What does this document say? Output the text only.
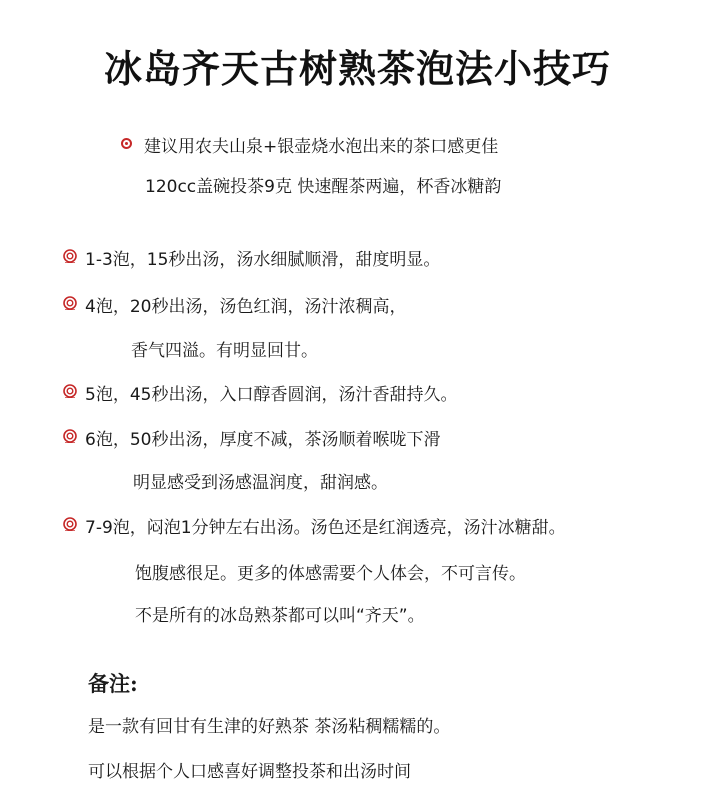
冰岛齐天古树熟茶泡法小技巧
建议用农夫山泉+银壶烧水泡出来的茶口感更佳
120cc盖碗投茶9克 快速醒茶两遍，杯香冰糖韵
1-3泡，15秒出汤，汤水细腻顺滑，甜度明显。
4泡，20秒出汤，汤色红润，汤汁浓稠高，
香气四溢。有明显回甘。
5泡，45秒出汤，入口醇香圆润，汤汁香甜持久。
6泡，50秒出汤，厚度不减，茶汤顺着喉咙下滑
明显感受到汤感温润度，甜润感。
7-9泡，闷泡1分钟左右出汤。汤色还是红润透亮，汤汁冰糖甜。
饱腹感很足。更多的体感需要个人体会，不可言传。
不是所有的冰岛熟茶都可以叫“齐天”。
备注:
是一款有回甘有生津的好熟茶 茶汤粘稠糯糯的。
可以根据个人口感喜好调整投茶和出汤时间
